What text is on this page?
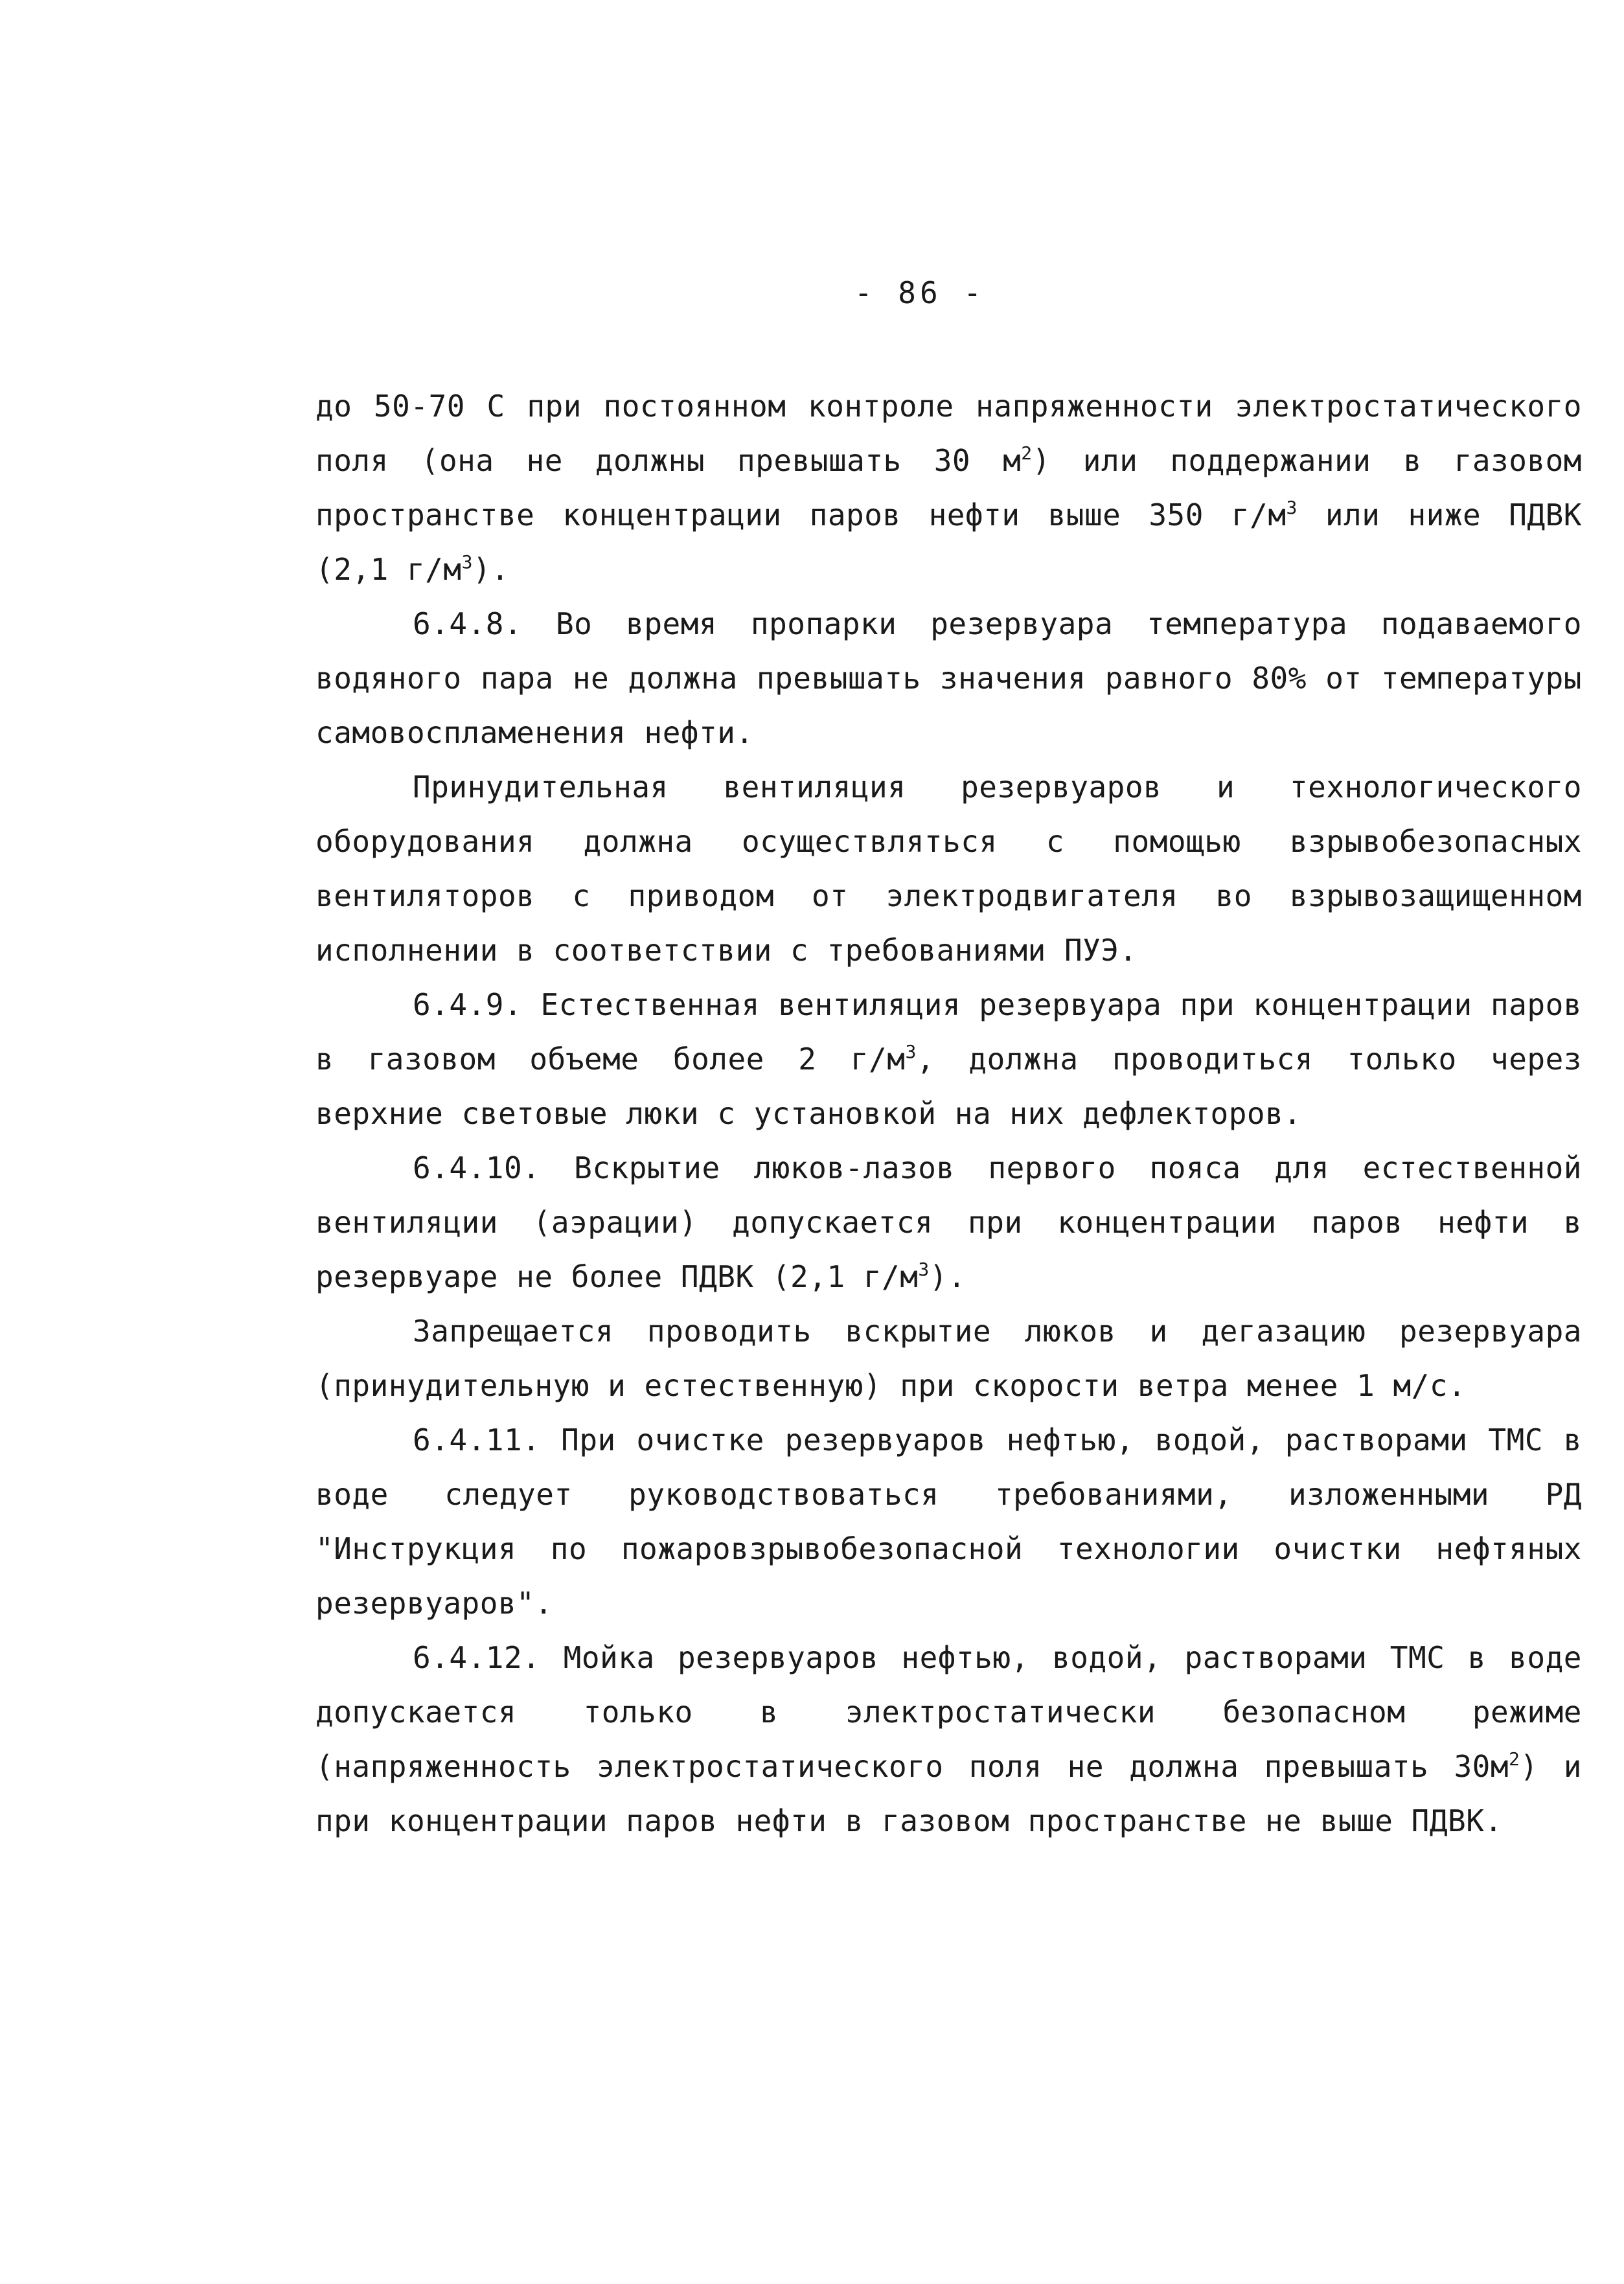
- 86 -

до 50-70 С при постоянном контроле напряженности электростатического поля (она не должны превышать 30 $м^2$) или поддержании в газовом пространстве концентрации паров нефти выше 350 $г/м^3$ или ниже ПДВК (2,1 $г/м^3$).

6.4.8. Во время пропарки резервуара температура подаваемого водяного пара не должна превышать значения равного 80% от температуры самовоспламенения нефти.

Принудительная вентиляция резервуаров и технологического оборудования должна осуществляться с помощью взрывобезопасных вентиляторов с приводом от электродвигателя во взрывозащищенном исполнении в соответствии с требованиями ПУЭ.

6.4.9. Естественная вентиляция резервуара при концентрации паров в газовом объеме более 2 $г/м^3$, должна проводиться только через верхние световые люки с установкой на них дефлекторов.

6.4.10. Вскрытие люков-лазов первого пояса для естественной вентиляции (аэрации) допускается при концентрации паров нефти в резервуаре не более ПДВК (2,1 $г/м^3$).

Запрещается проводить вскрытие люков и дегазацию резервуара (принудительную и естественную) при скорости ветра менее 1 м/с.

6.4.11. При очистке резервуаров нефтью, водой, растворами ТМС в воде следует руководствоваться требованиями, изложенными РД "Инструкция по пожаровзрывобезопасной технологии очистки нефтяных резервуаров".

6.4.12. Мойка резервуаров нефтью, водой, растворами ТМС в воде допускается только в электростатически безопасном режиме (напряженность электростатического поля не должна превышать $30м^2$) и при концентрации паров нефти в газовом пространстве не выше ПДВК.
